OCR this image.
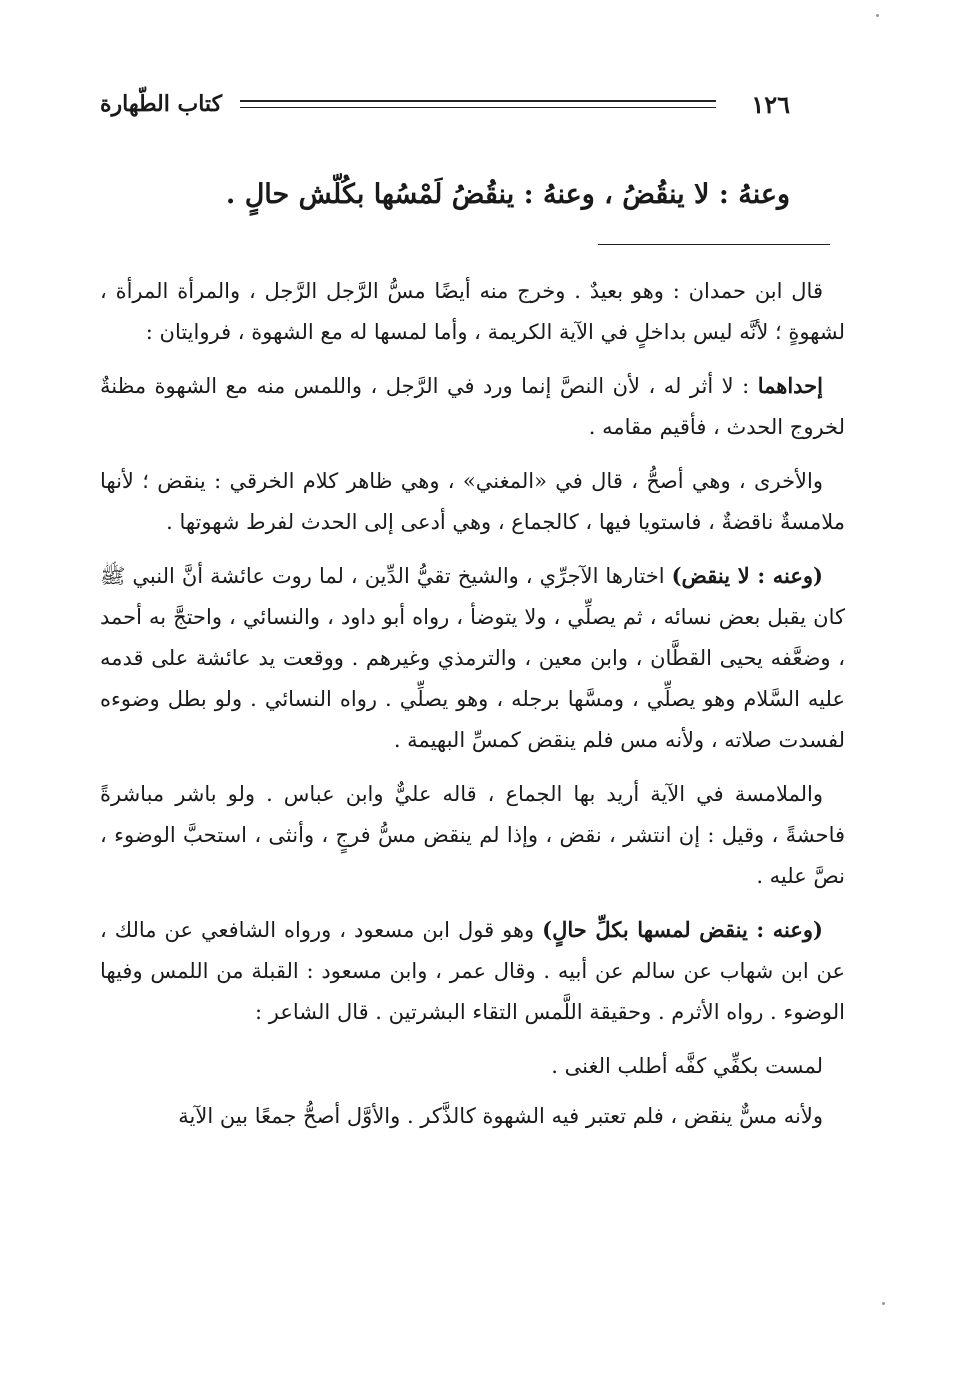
١٢٦
كتاب الطّهارة
وعنهُ : لا ينقُضُ ، وعنهُ : ينقُضُ لَمْسُها بكُلّش حالٍ .

قال ابن حمدان : وهو بعيدٌ . وخرج منه أيضًا مسُّ الرَّجل الرَّجل ، والمرأة المرأة ، لشهوةٍ ؛ لأنَّه ليس بداخلٍ في الآية الكريمة ، وأما لمسها له مع الشهوة ، فروايتان :

إحداهما : لا أثر له ، لأن النصَّ إنما ورد في الرَّجل ، واللمس منه مع الشهوة مظنةٌ لخروج الحدث ، فأقيم مقامه .

والأخرى ، وهي أصحُّ ، قال في «المغني» ، وهي ظاهر كلام الخرقي : ينقض ؛ لأنها ملامسةٌ ناقضةٌ ، فاستويا فيها ، كالجماع ، وهي أدعى إلى الحدث لفرط شهوتها .

(وعنه : لا ينقض) اختارها الآجرِّي ، والشيخ تقيُّ الدِّين ، لما روت عائشة أنَّ النبي ﷺ كان يقبل بعض نسائه ، ثم يصلِّي ، ولا يتوضأ ، رواه أبو داود ، والنسائي ، واحتجَّ به أحمد ، وضعَّفه يحيى القطَّان ، وابن معين ، والترمذي وغيرهم . ووقعت يد عائشة على قدمه عليه السَّلام وهو يصلِّي ، ومسَّها برجله ، وهو يصلِّي . رواه النسائي . ولو بطل وضوءه لفسدت صلاته ، ولأنه مس فلم ينقض كمسِّ البهيمة .

والملامسة في الآية أريد بها الجماع ، قاله عليٌّ وابن عباس . ولو باشر مباشرةً فاحشةً ، وقيل : إن انتشر ، نقض ، وإذا لم ينقض مسُّ فرجٍ ، وأنثى ، استحبَّ الوضوء ، نصَّ عليه .

(وعنه : ينقض لمسها بكلِّ حالٍ) وهو قول ابن مسعود ، ورواه الشافعي عن مالك ، عن ابن شهاب عن سالم عن أبيه . وقال عمر ، وابن مسعود : القبلة من اللمس وفيها الوضوء . رواه الأثرم . وحقيقة اللَّمس التقاء البشرتين . قال الشاعر :

لمست بكفِّي كفَّه أطلب الغنى .

ولأنه مسٌّ ينقض ، فلم تعتبر فيه الشهوة كالذَّكر . والأوَّل أصحُّ جمعًا بين الآية
